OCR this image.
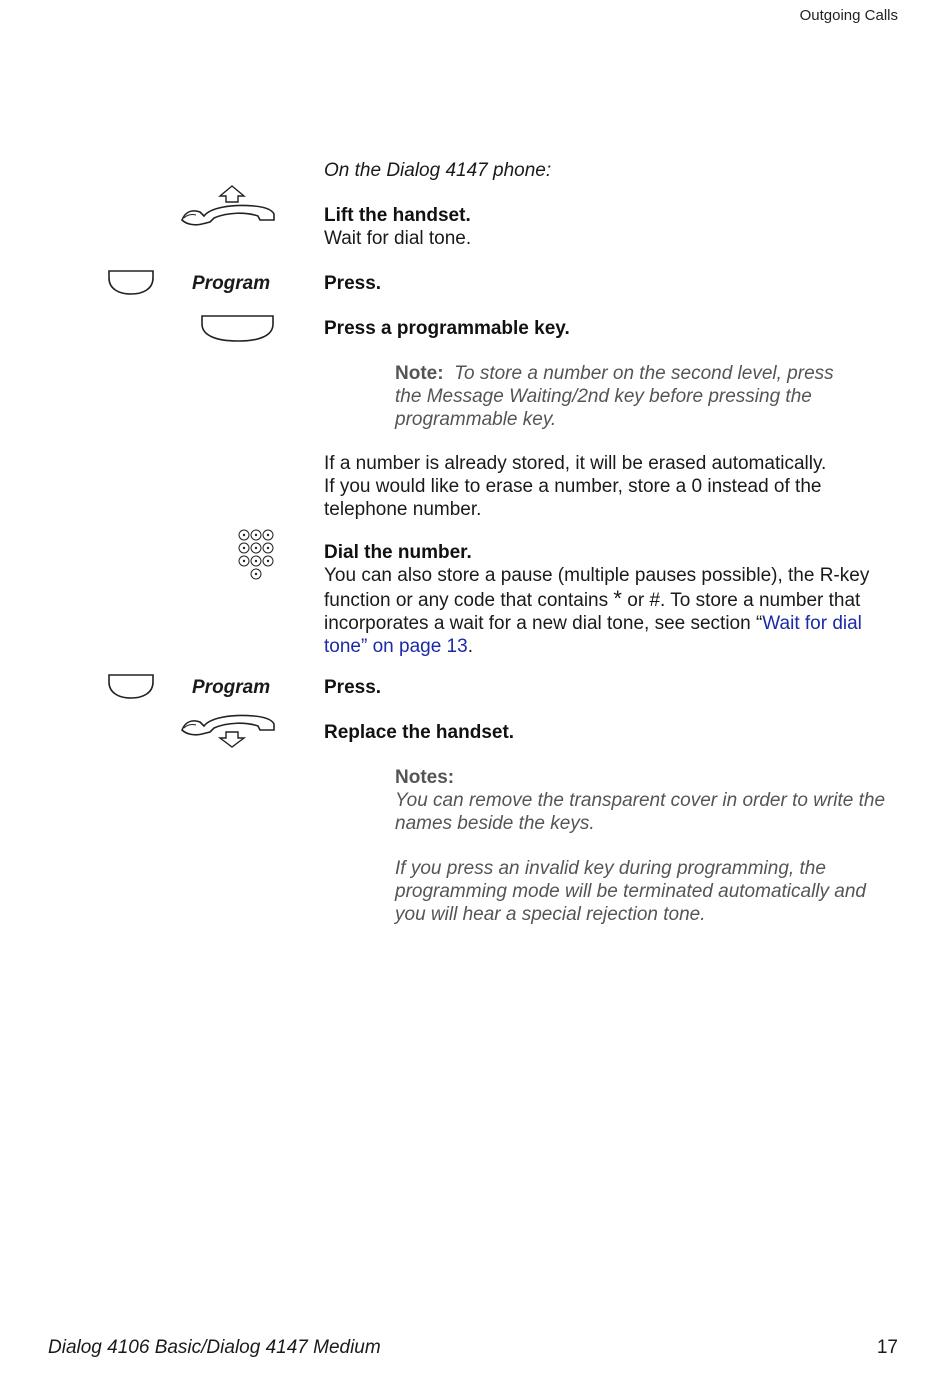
Outgoing Calls
Dialog 4106 Basic/Dialog 4147 Medium	17
On the Dialog 4147 phone:
Lift the handset.
Wait for dial tone.
Program	Press.
Press a programmable key.
Note: To store a number on the second level, press
the Message Waiting/2nd key before pressing the
programmable key.
If a number is already stored, it will be erased automatically.
If you would like to erase a number, store a 0 instead of the
telephone number.
Dial the number.
You can also store a pause (multiple pauses possible), the R-key
function or any code that contains * or #. To store a number that
incorporates a wait for a new dial tone, see section “Wait for dial
tone” on page 13.
Program	Press.
Replace the handset.
Notes:
You can remove the transparent cover in order to write the
names beside the keys.
If you press an invalid key during programming, the
programming mode will be terminated automatically and
you will hear a special rejection tone.
